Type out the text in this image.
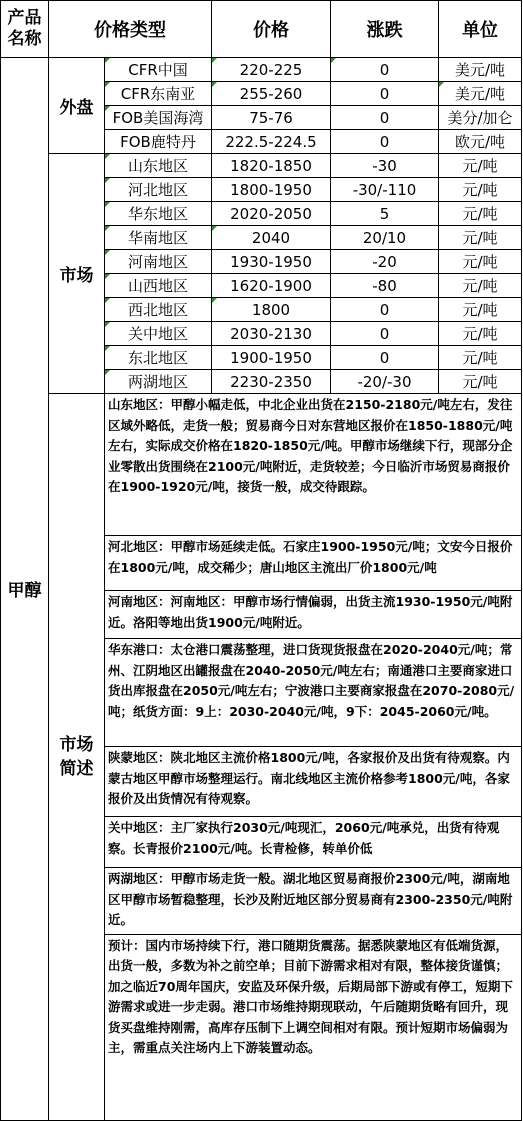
产品
名称	价格类型		价格	涨跌	单位
甲醇	外盘	CFR中国	220-225	0	美元/吨
		CFR东南亚	255-260	0	美元/吨
		FOB美国海湾	75-76	0	美分/加仑
		FOB鹿特丹	222.5-224.5	0	欧元/吨
	市场	山东地区	1820-1850	-30	元/吨
		河北地区	1800-1950	-30/-110	元/吨
		华东地区	2020-2050	5	元/吨
		华南地区	2040	20/10	元/吨
		河南地区	1930-1950	-20	元/吨
		山西地区	1620-1900	-80	元/吨
		西北地区	1800	0	元/吨
		关中地区	2030-2130	0	元/吨
		东北地区	1900-1950	0	元/吨
		两湖地区	2230-2350	-20/-30	元/吨

	市场
简述	山东地区：甲醇小幅走低，中北企业出货在2150-2180元/吨左右，发往区域外略低，走货一般；贸易商今日对东营地区报价在1850-1880元/吨左右，实际成交价格在1820-1850元/吨。甲醇市场继续下行，现部分企业零散出货围绕在2100元/吨附近，走货较差；今日临沂市场贸易商报价在1900-1920元/吨，接货一般，成交待跟踪。			
		河北地区：甲醇市场延续走低。石家庄1900-1950元/吨；文安今日报价在1800元/吨，成交稀少；唐山地区主流出厂价1800元/吨			
		河南地区：河南地区：甲醇市场行情偏弱，出货主流1930-1950元/吨附近。洛阳等地出货1900元/吨附近。			
		华东港口：太仓港口震荡整理，进口货现货报盘在2020-2040元/吨；常州、江阴地区出罐报盘在2040-2050元/吨左右；南通港口主要商家进口货出库报盘在2050元/吨左右；宁波港口主要商家报盘在2070-2080元/吨；纸货方面：9上：2030-2040元/吨，9下：2045-2060元/吨。			
		陕蒙地区：陕北地区主流价格1800元/吨，各家报价及出货有待观察。内蒙古地区甲醇市场整理运行。南北线地区主流价格参考1800元/吨，各家报价及出货情况有待观察。			
		关中地区：主厂家执行2030元/吨现汇，2060元/吨承兑，出货有待观察。长青报价2100元/吨。长青检修，转单价低			
		两湖地区：甲醇市场走货一般。湖北地区贸易商报价2300元/吨，湖南地区甲醇市场暂稳整理，长沙及附近地区部分贸易商有2300-2350元/吨附近。			
		预计：国内市场持续下行，港口随期货震荡。据悉陕蒙地区有低端货源，出货一般，多数为补之前空单；目前下游需求相对有限，整体接货谨慎；加之临近70周年国庆，安监及环保升级，后期局部下游或有停工，短期下游需求或进一步走弱。港口市场维持期现联动，午后随期货略有回升，现货买盘维持刚需，高库存压制下上调空间相对有限。预计短期市场偏弱为主，需重点关注场内上下游装置动态。			
